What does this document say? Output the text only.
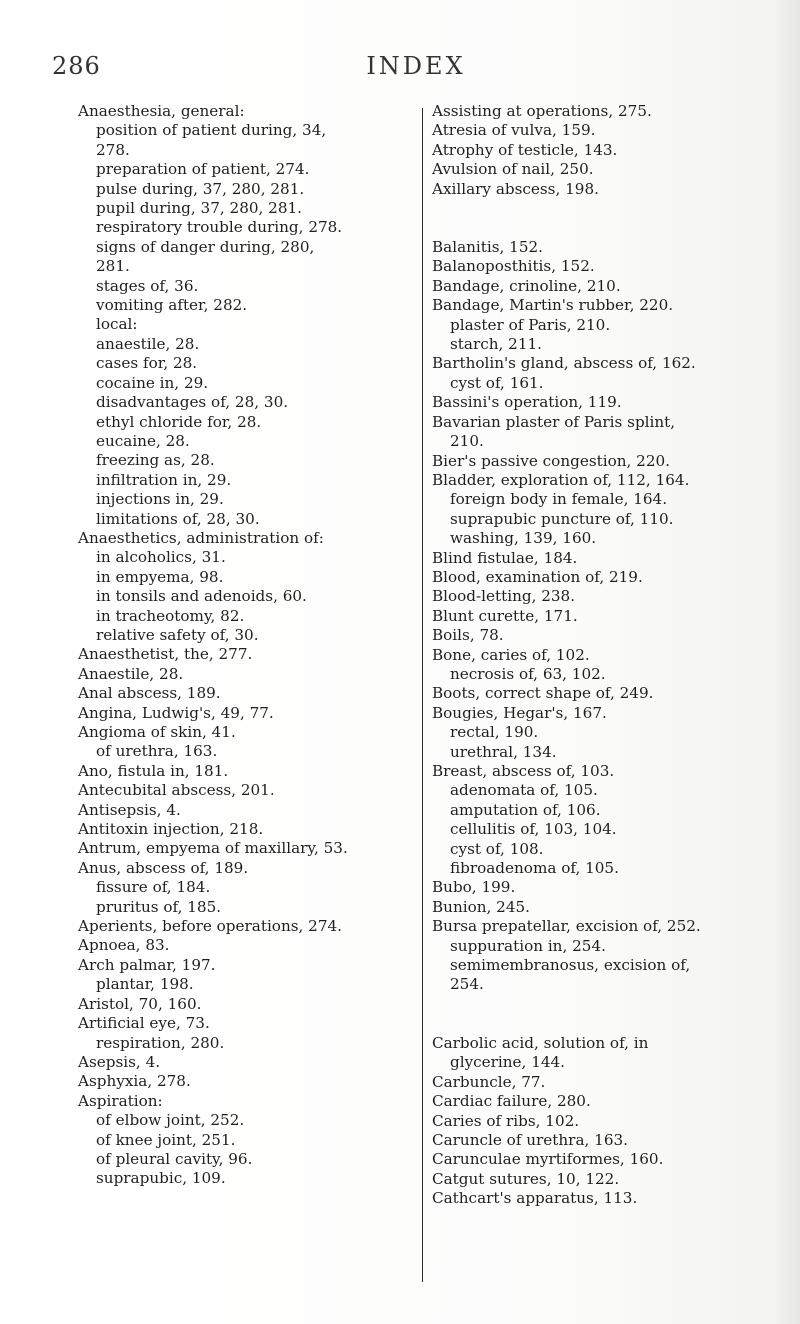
286	INDEX
Anaesthesia, general:
position of patient during, 34,
278.
preparation of patient, 274.
pulse during, 37, 280, 281.
pupil during, 37, 280, 281.
respiratory trouble during, 278.
signs of danger during, 280,
281.
stages of, 36.
vomiting after, 282.
local:
anaestile, 28.
cases for, 28.
cocaine in, 29.
disadvantages of, 28, 30.
ethyl chloride for, 28.
eucaine, 28.
freezing as, 28.
infiltration in, 29.
injections in, 29.
limitations of, 28, 30.
Anaesthetics, administration of:
in alcoholics, 31.
in empyema, 98.
in tonsils and adenoids, 60.
in tracheotomy, 82.
relative safety of, 30.
Anaesthetist, the, 277.
Anaestile, 28.
Anal abscess, 189.
Angina, Ludwig's, 49, 77.
Angioma of skin, 41.
of urethra, 163.
Ano, fistula in, 181.
Antecubital abscess, 201.
Antisepsis, 4.
Antitoxin injection, 218.
Antrum, empyema of maxillary, 53.
Anus, abscess of, 189.
fissure of, 184.
pruritus of, 185.
Aperients, before operations, 274.
Apnoea, 83.
Arch palmar, 197.
plantar, 198.
Aristol, 70, 160.
Artificial eye, 73.
respiration, 280.
Asepsis, 4.
Asphyxia, 278.
Aspiration:
of elbow joint, 252.
of knee joint, 251.
of pleural cavity, 96.
suprapubic, 109.
Assisting at operations, 275.
Atresia of vulva, 159.
Atrophy of testicle, 143.
Avulsion of nail, 250.
Axillary abscess, 198.
Balanitis, 152.
Balanoposthitis, 152.
Bandage, crinoline, 210.
Bandage, Martin's rubber, 220.
plaster of Paris, 210.
starch, 211.
Bartholin's gland, abscess of, 162.
cyst of, 161.
Bassini's operation, 119.
Bavarian plaster of Paris splint,
210.
Bier's passive congestion, 220.
Bladder, exploration of, 112, 164.
foreign body in female, 164.
suprapubic puncture of, 110.
washing, 139, 160.
Blind fistulae, 184.
Blood, examination of, 219.
Blood-letting, 238.
Blunt curette, 171.
Boils, 78.
Bone, caries of, 102.
necrosis of, 63, 102.
Boots, correct shape of, 249.
Bougies, Hegar's, 167.
rectal, 190.
urethral, 134.
Breast, abscess of, 103.
adenomata of, 105.
amputation of, 106.
cellulitis of, 103, 104.
cyst of, 108.
fibroadenoma of, 105.
Bubo, 199.
Bunion, 245.
Bursa prepatellar, excision of, 252.
suppuration in, 254.
semimembranosus, excision of,
254.
Carbolic acid, solution of, in
glycerine, 144.
Carbuncle, 77.
Cardiac failure, 280.
Caries of ribs, 102.
Caruncle of urethra, 163.
Carunculae myrtiformes, 160.
Catgut sutures, 10, 122.
Cathcart's apparatus, 113.
